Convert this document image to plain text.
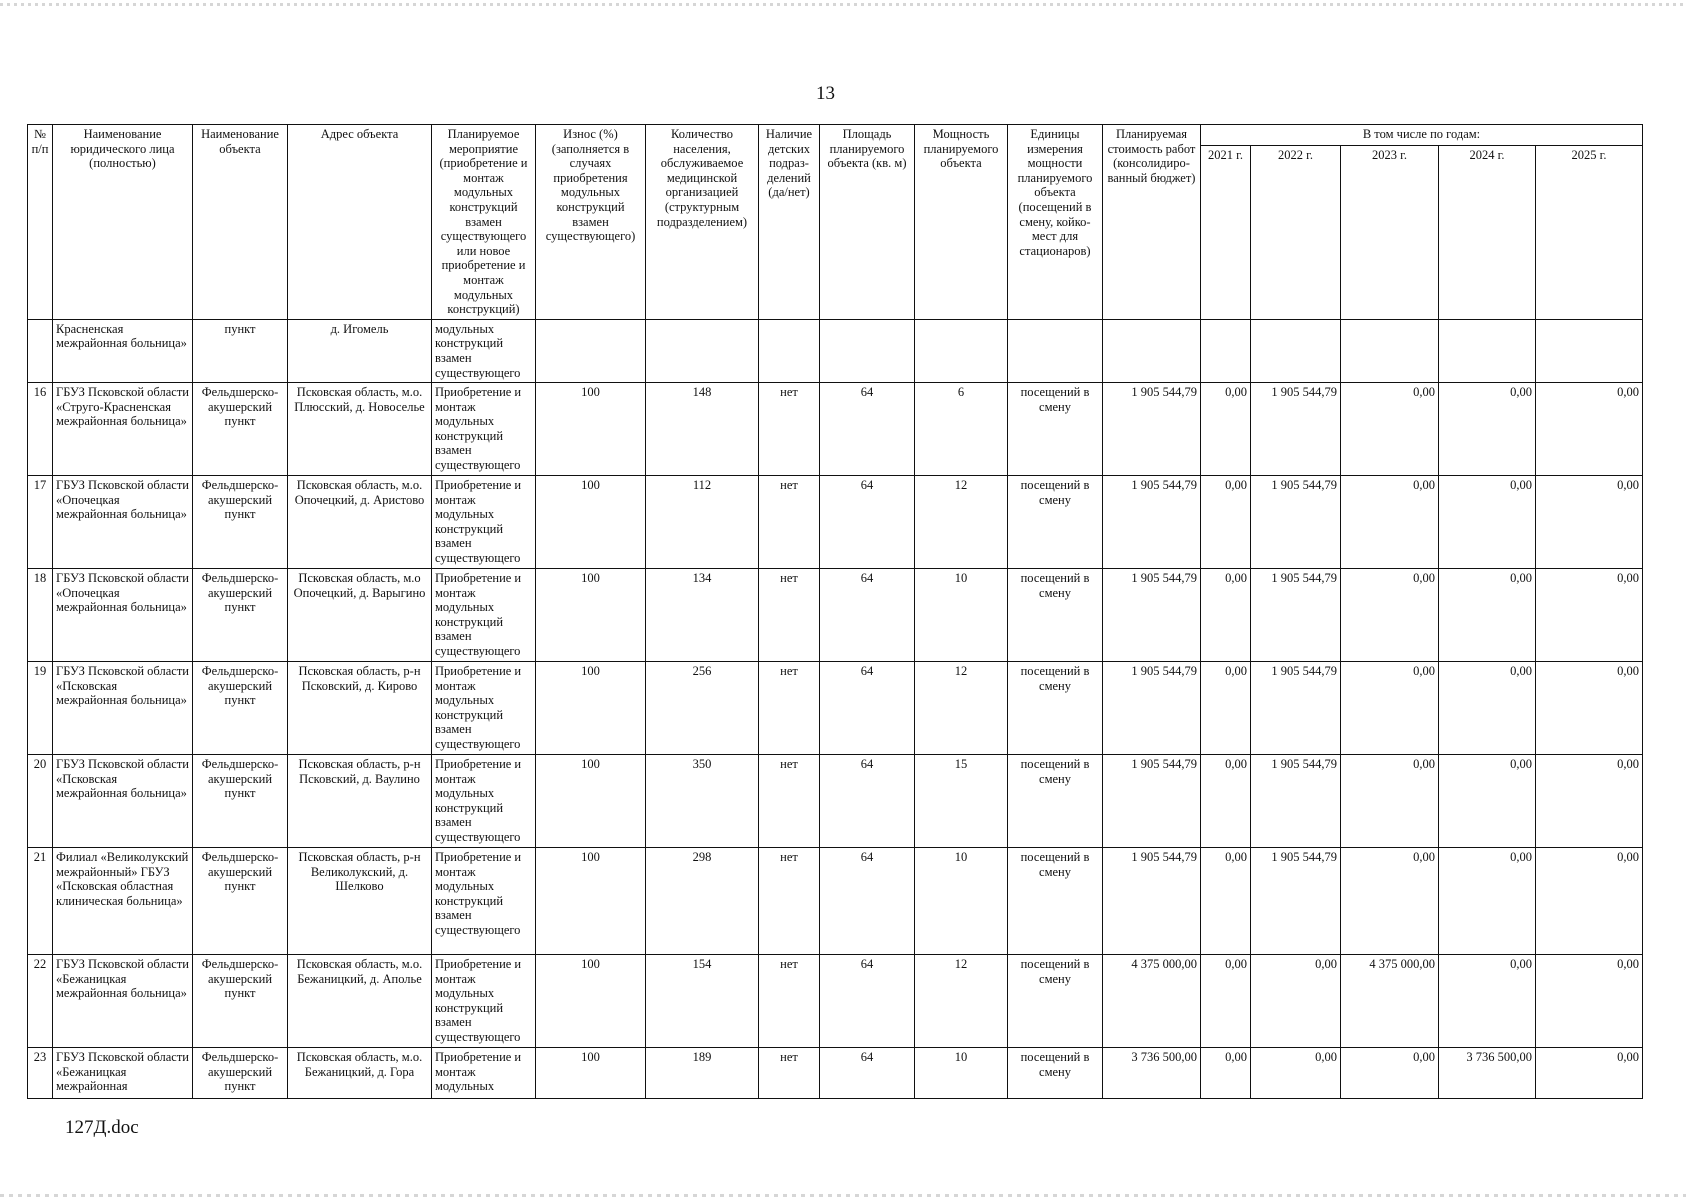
13
№ п/п	Наименование юридического лица (полностью)	Наименование объекта	Адрес объекта	Планируемое мероприятие (приобретение и монтаж модульных конструкций взамен существующего или новое приобретение и монтаж модульных конструкций)	Износ (%) (заполняется в случаях приобретения модульных конструкций взамен существующего)	Количество населения, обслуживаемое медицинской организацией (структурным подразделением)	Наличие детских подраз-делений (да/нет)	Площадь планируемого объекта (кв. м)	Мощность планируемого объекта	Единицы измерения мощности планируемого объекта (посещений в смену, койко-мест для стационаров)	Планируемая стоимость работ (консолидиро-ванный бюджет)	В том числе по годам:				
												2021 г.	2022 г.	2023 г.	2024 г.	2025 г.
	Красненская межрайонная больница»	пункт	д. Игомель	модульных конструкций взамен существующего												
16	ГБУЗ Псковской области «Струго-Красненская межрайонная больница»	Фельдшерско-акушерский пункт	Псковская область, м.о. Плюсский, д. Новоселье	Приобретение и монтаж модульных конструкций взамен существующего	100	148	нет	64	6	посещений в смену	1 905 544,79	0,00	1 905 544,79	0,00	0,00	0,00
17	ГБУЗ Псковской области «Опочецкая межрайонная больница»	Фельдшерско-акушерский пункт	Псковская область, м.о. Опочецкий, д. Аристово	Приобретение и монтаж модульных конструкций взамен существующего	100	112	нет	64	12	посещений в смену	1 905 544,79	0,00	1 905 544,79	0,00	0,00	0,00
18	ГБУЗ Псковской области «Опочецкая межрайонная больница»	Фельдшерско-акушерский пункт	Псковская область, м.о Опочецкий, д. Варыгино	Приобретение и монтаж модульных конструкций взамен существующего	100	134	нет	64	10	посещений в смену	1 905 544,79	0,00	1 905 544,79	0,00	0,00	0,00
19	ГБУЗ Псковской области «Псковская межрайонная больница»	Фельдшерско-акушерский пункт	Псковская область, р-н Псковский, д. Кирово	Приобретение и монтаж модульных конструкций взамен существующего	100	256	нет	64	12	посещений в смену	1 905 544,79	0,00	1 905 544,79	0,00	0,00	0,00
20	ГБУЗ Псковской области «Псковская межрайонная больница»	Фельдшерско-акушерский пункт	Псковская область, р-н Псковский, д. Ваулино	Приобретение и монтаж модульных конструкций взамен существующего	100	350	нет	64	15	посещений в смену	1 905 544,79	0,00	1 905 544,79	0,00	0,00	0,00
21	Филиал «Великолукский межрайонный» ГБУЗ «Псковская областная клиническая больница»	Фельдшерско-акушерский пункт	Псковская область, р-н Великолукский, д. Шелково	Приобретение и монтаж модульных конструкций взамен существующего	100	298	нет	64	10	посещений в смену	1 905 544,79	0,00	1 905 544,79	0,00	0,00	0,00
22	ГБУЗ Псковской области «Бежаницкая межрайонная больница»	Фельдшерско-акушерский пункт	Псковская область, м.о. Бежаницкий, д. Аполье	Приобретение и монтаж модульных конструкций взамен существующего	100	154	нет	64	12	посещений в смену	4 375 000,00	0,00	0,00	4 375 000,00	0,00	0,00
23	ГБУЗ Псковской области «Бежаницкая межрайонная	Фельдшерско-акушерский пункт	Псковская область, м.о. Бежаницкий, д. Гора	Приобретение и монтаж модульных	100	189	нет	64	10	посещений в смену	3 736 500,00	0,00	0,00	0,00	3 736 500,00	0,00
127Д.doc
